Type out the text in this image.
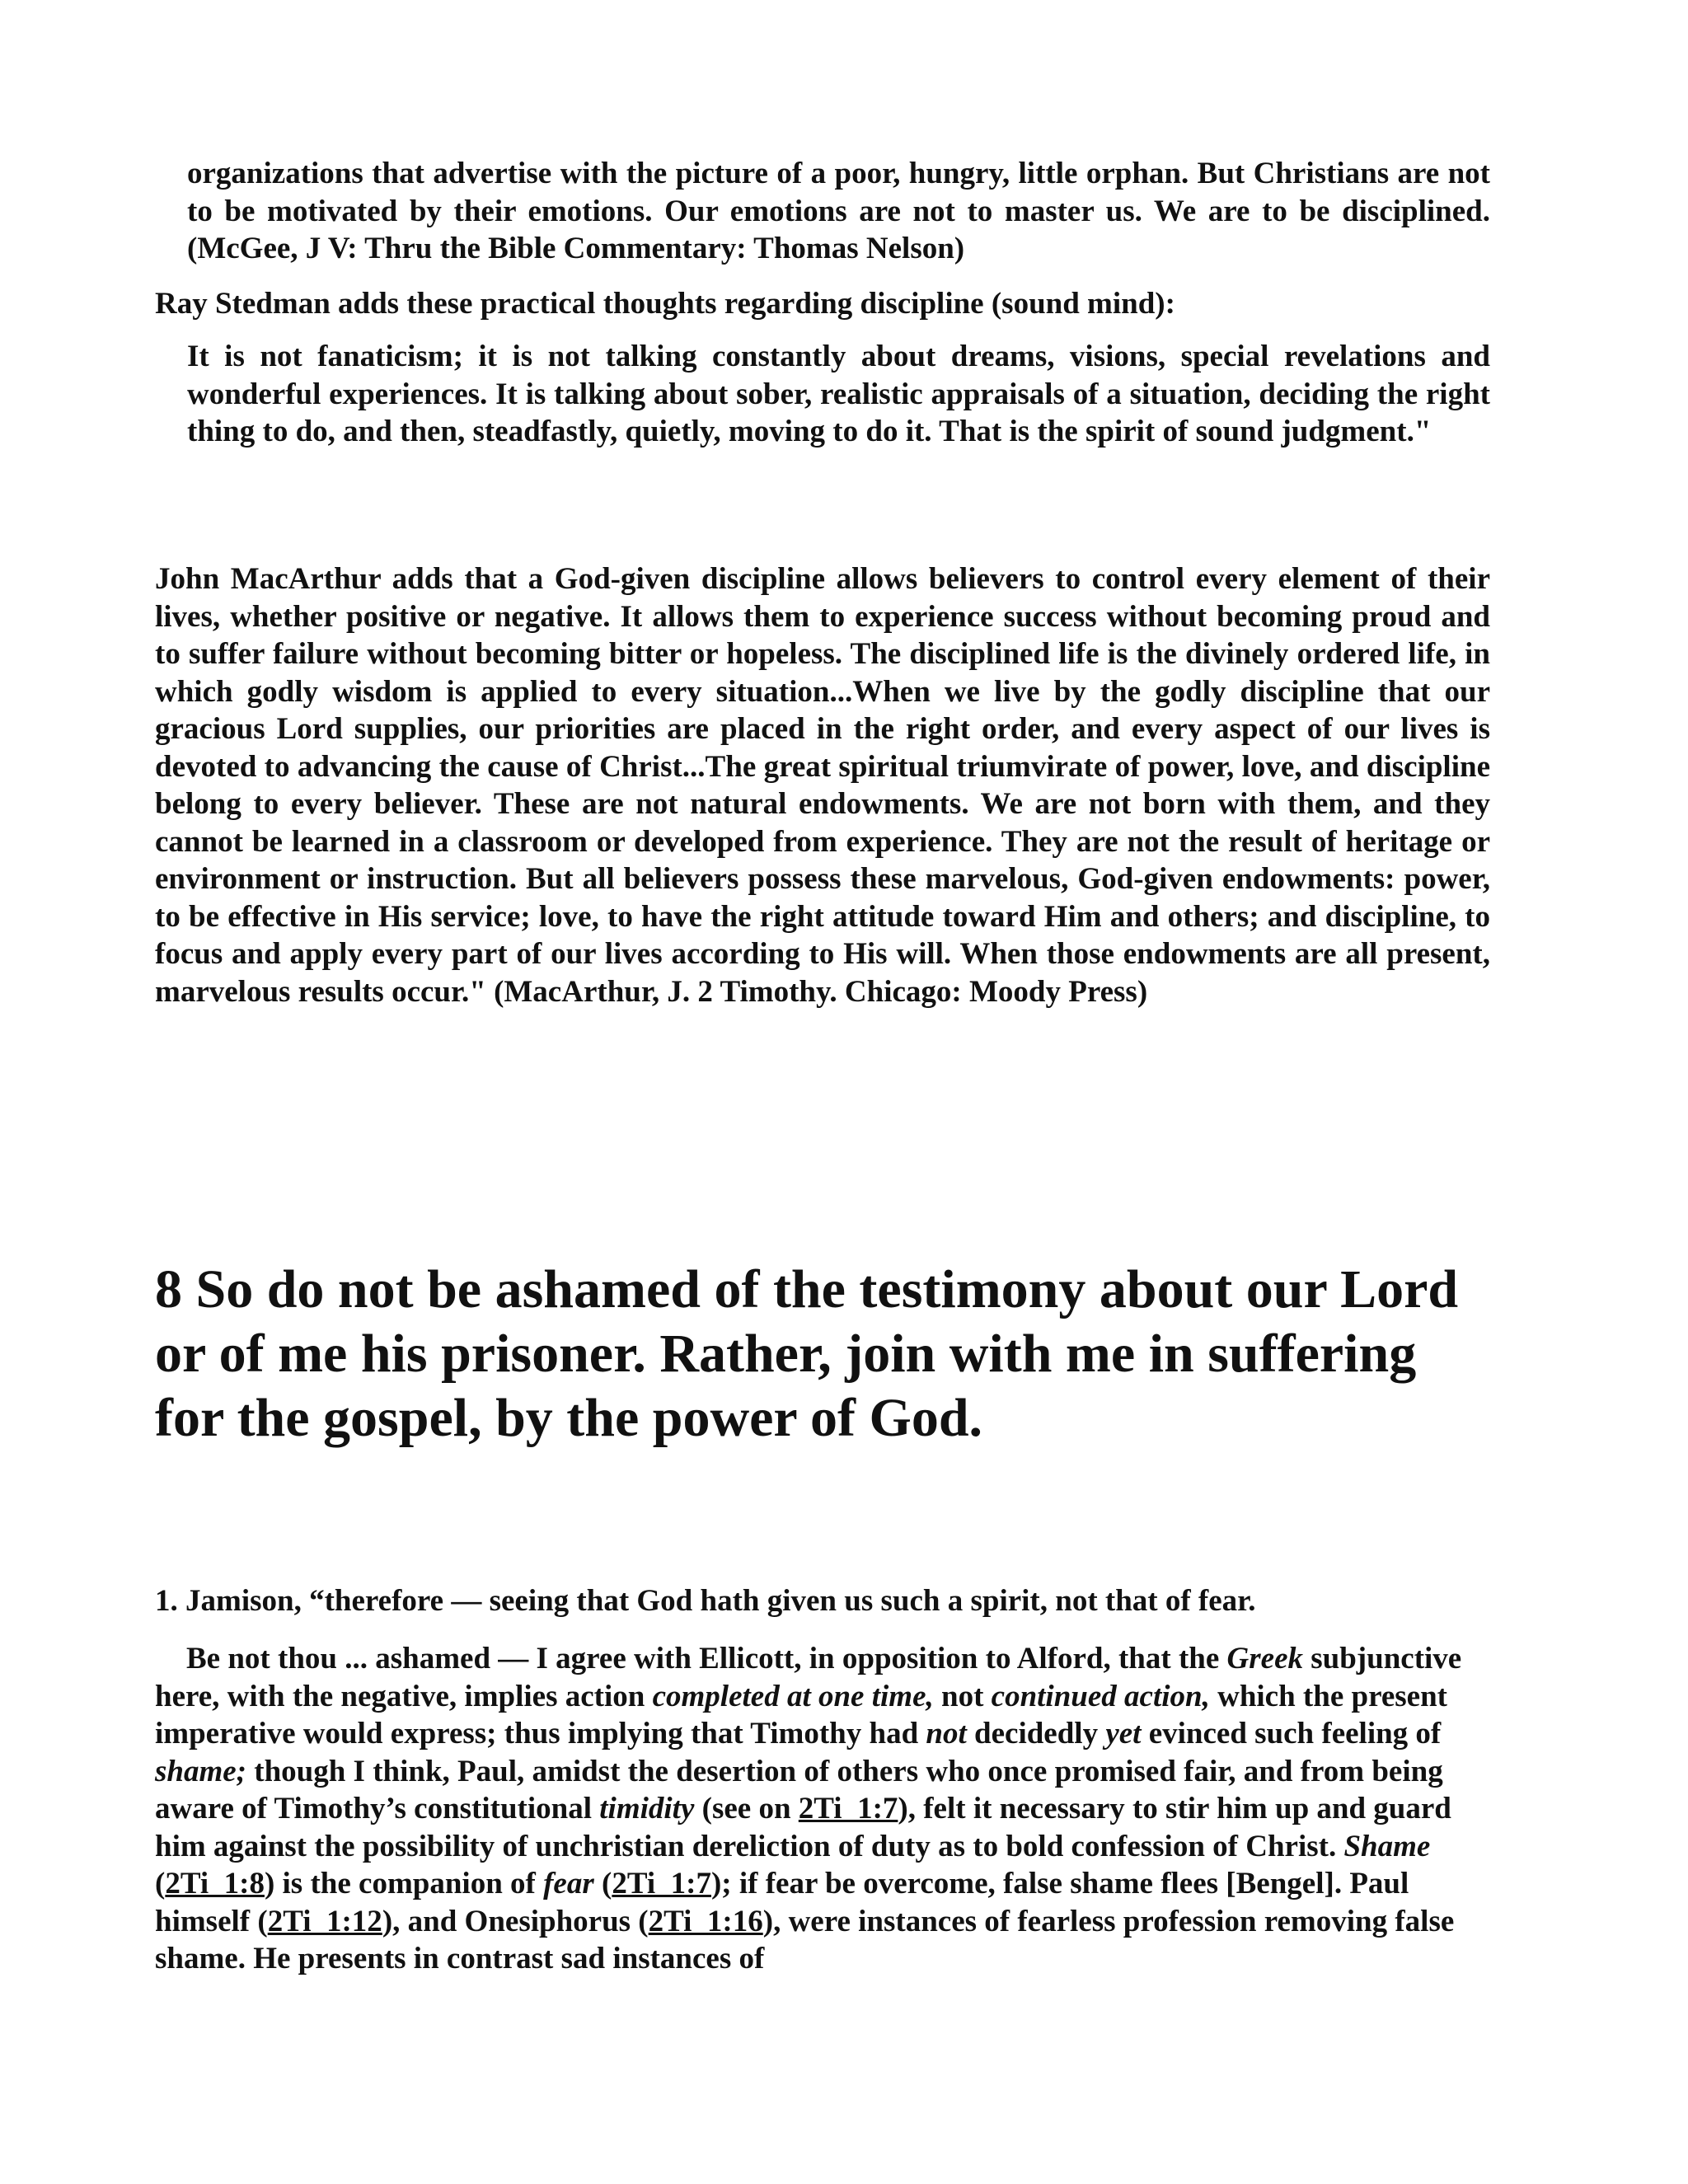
organizations that advertise with the picture of a poor, hungry, little orphan. But Christians are not to be motivated by their emotions. Our emotions are not to master us. We are to be disciplined. (McGee, J V: Thru the Bible Commentary: Thomas Nelson)

Ray Stedman adds these practical thoughts regarding discipline (sound mind):

It is not fanaticism; it is not talking constantly about dreams, visions, special revelations and wonderful experiences. It is talking about sober, realistic appraisals of a situation, deciding the right thing to do, and then, steadfastly, quietly, moving to do it. That is the spirit of sound judgment."

John MacArthur adds that a God-given discipline allows believers to control every element of their lives, whether positive or negative. It allows them to experience success without becoming proud and to suffer failure without becoming bitter or hopeless. The disciplined life is the divinely ordered life, in which godly wisdom is applied to every situation...When we live by the godly discipline that our gracious Lord supplies, our priorities are placed in the right order, and every aspect of our lives is devoted to advancing the cause of Christ...The great spiritual triumvirate of power, love, and discipline belong to every believer. These are not natural endowments. We are not born with them, and they cannot be learned in a classroom or developed from experience. They are not the result of heritage or environment or instruction. But all believers possess these marvelous, God-given endowments: power, to be effective in His service; love, to have the right attitude toward Him and others; and discipline, to focus and apply every part of our lives according to His will. When those endowments are all present, marvelous results occur." (MacArthur, J. 2 Timothy. Chicago: Moody Press)

8 So do not be ashamed of the testimony about our Lord or of me his prisoner. Rather, join with me in suffering for the gospel, by the power of God.

1. Jamison, “therefore — seeing that God hath given us such a spirit, not that of fear.

Be not thou ... ashamed — I agree with Ellicott, in opposition to Alford, that the Greek subjunctive here, with the negative, implies action completed at one time, not continued action, which the present imperative would express; thus implying that Timothy had not decidedly yet evinced such feeling of shame; though I think, Paul, amidst the desertion of others who once promised fair, and from being aware of Timothy’s constitutional timidity (see on 2Ti_1:7), felt it necessary to stir him up and guard him against the possibility of unchristian dereliction of duty as to bold confession of Christ. Shame (2Ti_1:8) is the companion of fear (2Ti_1:7); if fear be overcome, false shame flees [Bengel]. Paul himself (2Ti_1:12), and Onesiphorus (2Ti_1:16), were instances of fearless profession removing false shame. He presents in contrast sad instances of
